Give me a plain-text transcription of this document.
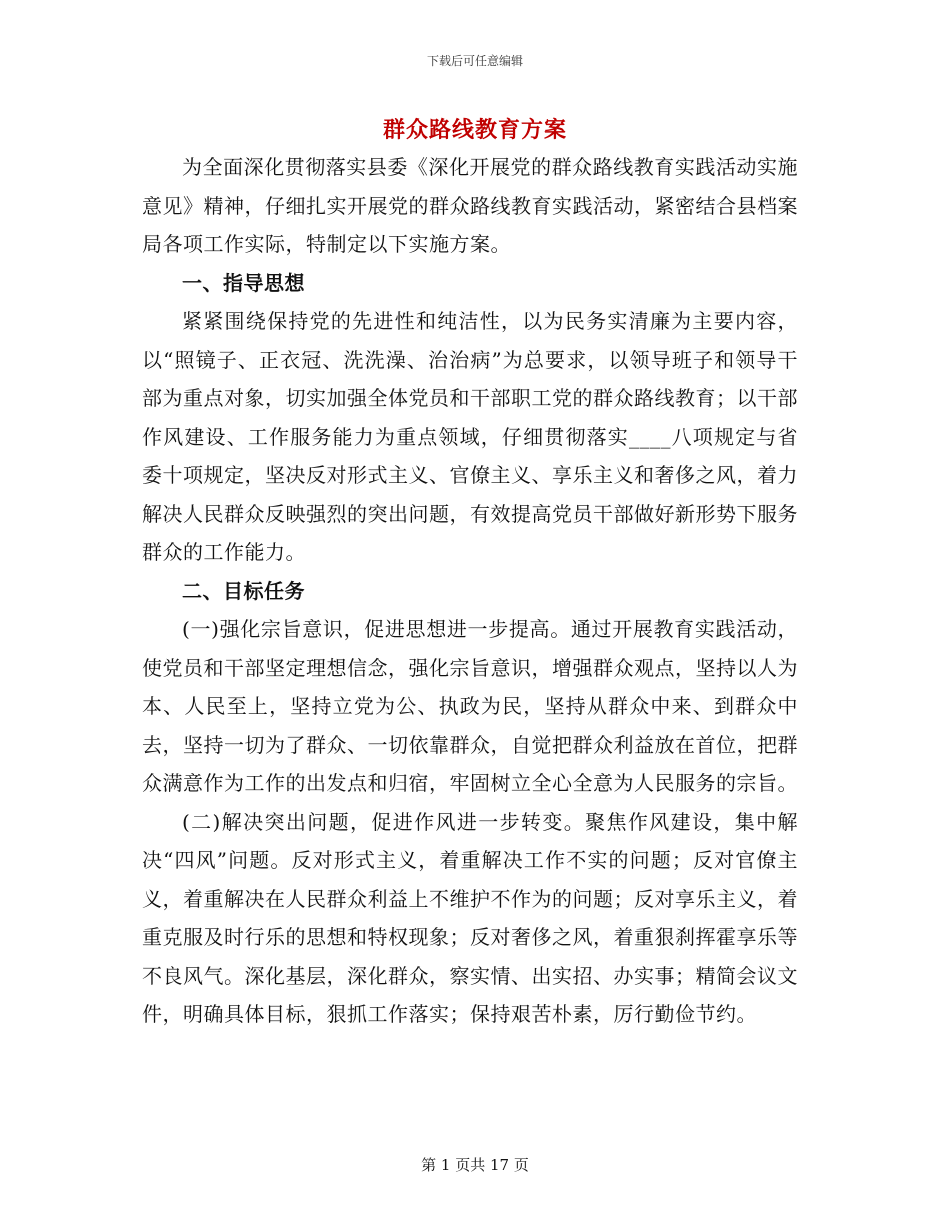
下载后可任意编辑
群众路线教育方案

为全面深化贯彻落实县委《深化开展党的群众路线教育实践活动实施意见》精神，仔细扎实开展党的群众路线教育实践活动，紧密结合县档案局各项工作实际，特制定以下实施方案。

一、指导思想

紧紧围绕保持党的先进性和纯洁性，以为民务实清廉为主要内容，以“照镜子、正衣冠、洗洗澡、治治病”为总要求，以领导班子和领导干部为重点对象，切实加强全体党员和干部职工党的群众路线教育；以干部作风建设、工作服务能力为重点领域，仔细贯彻落实____八项规定与省委十项规定，坚决反对形式主义、官僚主义、享乐主义和奢侈之风，着力解决人民群众反映强烈的突出问题，有效提高党员干部做好新形势下服务群众的工作能力。

二、目标任务

(一)强化宗旨意识，促进思想进一步提高。通过开展教育实践活动，使党员和干部坚定理想信念，强化宗旨意识，增强群众观点，坚持以人为本、人民至上，坚持立党为公、执政为民，坚持从群众中来、到群众中去，坚持一切为了群众、一切依靠群众，自觉把群众利益放在首位，把群众满意作为工作的出发点和归宿，牢固树立全心全意为人民服务的宗旨。

(二)解决突出问题，促进作风进一步转变。聚焦作风建设，集中解决“四风”问题。反对形式主义，着重解决工作不实的问题；反对官僚主义，着重解决在人民群众利益上不维护不作为的问题；反对享乐主义，着重克服及时行乐的思想和特权现象；反对奢侈之风，着重狠刹挥霍享乐等不良风气。深化基层，深化群众，察实情、出实招、办实事；精简会议文件，明确具体目标，狠抓工作落实；保持艰苦朴素，厉行勤俭节约。

第 1 页共 17 页
